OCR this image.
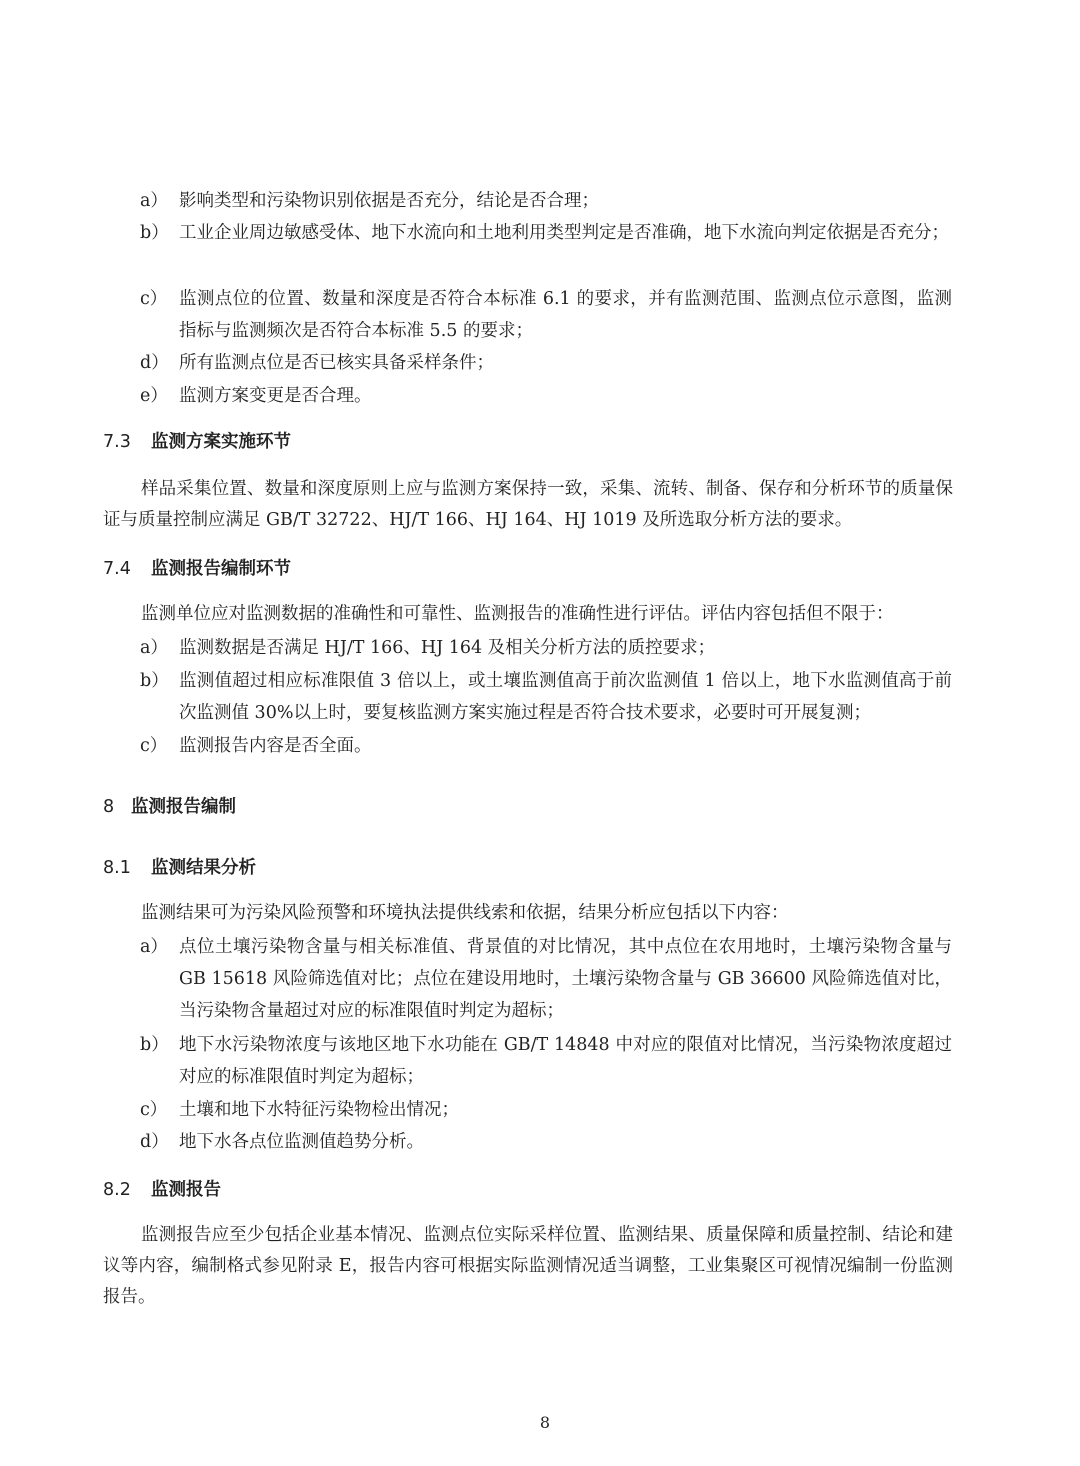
a） 影响类型和污染物识别依据是否充分，结论是否合理；
b） 工业企业周边敏感受体、地下水流向和土地利用类型判定是否准确，地下水流向判定依据是否充分；
c） 监测点位的位置、数量和深度是否符合本标准 6.1 的要求，并有监测范围、监测点位示意图，监测指标与监测频次是否符合本标准 5.5 的要求；
d） 所有监测点位是否已核实具备采样条件；
e） 监测方案变更是否合理。
7.3 监测方案实施环节
样品采集位置、数量和深度原则上应与监测方案保持一致，采集、流转、制备、保存和分析环节的质量保证与质量控制应满足 GB/T 32722、HJ/T 166、HJ 164、HJ 1019 及所选取分析方法的要求。
7.4 监测报告编制环节
监测单位应对监测数据的准确性和可靠性、监测报告的准确性进行评估。评估内容包括但不限于：
a） 监测数据是否满足 HJ/T 166、HJ 164 及相关分析方法的质控要求；
b） 监测值超过相应标准限值 3 倍以上，或土壤监测值高于前次监测值 1 倍以上，地下水监测值高于前次监测值 30%以上时，要复核监测方案实施过程是否符合技术要求，必要时可开展复测；
c） 监测报告内容是否全面。
8 监测报告编制
8.1 监测结果分析
监测结果可为污染风险预警和环境执法提供线索和依据，结果分析应包括以下内容：
a） 点位土壤污染物含量与相关标准值、背景值的对比情况，其中点位在农用地时，土壤污染物含量与 GB 15618 风险筛选值对比；点位在建设用地时，土壤污染物含量与 GB 36600 风险筛选值对比，当污染物含量超过对应的标准限值时判定为超标；
b） 地下水污染物浓度与该地区地下水功能在 GB/T 14848 中对应的限值对比情况，当污染物浓度超过对应的标准限值时判定为超标；
c） 土壤和地下水特征污染物检出情况；
d） 地下水各点位监测值趋势分析。
8.2 监测报告
监测报告应至少包括企业基本情况、监测点位实际采样位置、监测结果、质量保障和质量控制、结论和建议等内容，编制格式参见附录 E，报告内容可根据实际监测情况适当调整，工业集聚区可视情况编制一份监测报告。
8
